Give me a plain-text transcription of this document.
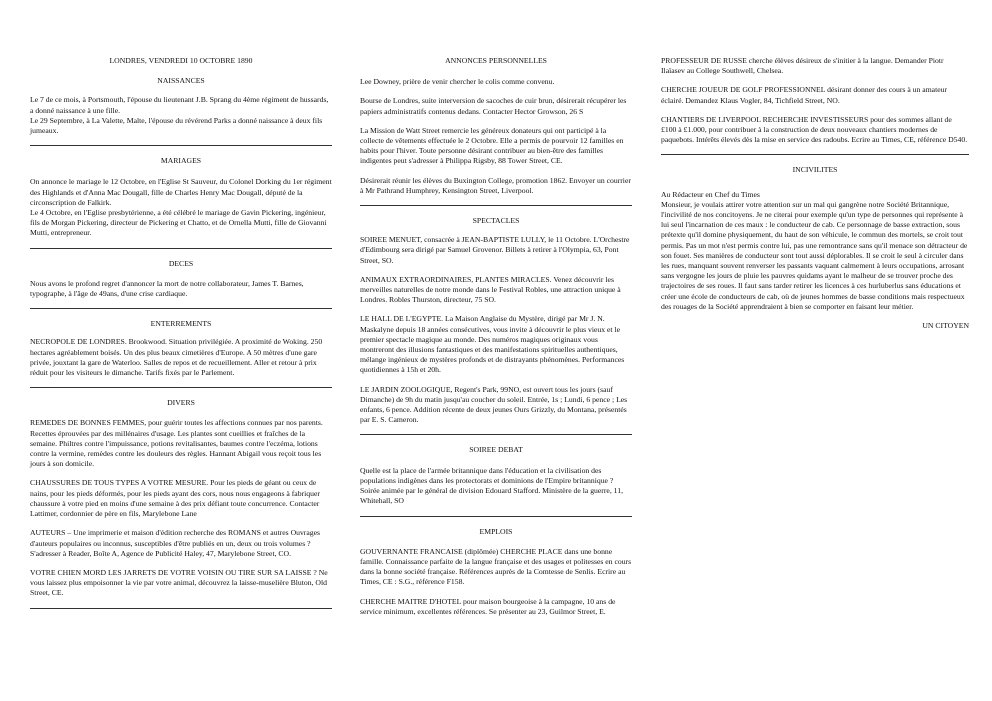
LONDRES, VENDREDI 10 OCTOBRE 1890

NAISSANCES

Le 7 de ce mois, à Portsmouth, l'épouse du lieutenant J.B. Sprang du 4ème régiment de hussards, a donné naissance à une fille.
Le 29 Septembre, à La Valette, Malte, l'épouse du révérend Parks a donné naissance à deux fils jumeaux.

MARIAGES

On annonce le mariage le 12 Octobre, en l'Eglise St Sauveur, du Colonel Dorking du 1er régiment des Highlands et d'Anna Mac Dougall, fille de Charles Henry Mac Dougall, député de la circonscription de Falkirk.
Le 4 Octobre, en l'Eglise presbytérienne, a été célébré le mariage de Gavin Pickering, ingénieur, fils de Morgan Pickering, directeur de Pickering et Chatto, et de Ornella Mutti, fille de Giovanni Mutti, entrepreneur.

DECES

Nous avons le profond regret d'annoncer la mort de notre collaborateur, James T. Barnes, typographe, à l'âge de 49ans, d'une crise cardiaque.

ENTERREMENTS

NECROPOLE DE LONDRES. Brookwood. Situation privilégiée. A proximité de Woking. 250 hectares agréablement boisés. Un des plus beaux cimetières d'Europe. A 50 mètres d'une gare privée, jouxtant la gare de Waterloo. Salles de repos et de recueillement. Aller et retour à prix réduit pour les visiteurs le dimanche. Tarifs fixés par le Parlement.

DIVERS

REMEDES DE BONNES FEMMES, pour guérir toutes les affections connues par nos parents. Recettes éprouvées par des millénaires d'usage. Les plantes sont cueillies et fraîches de la semaine. Philtres contre l'impuissance, potions revitalisantes, baumes contre l'eczéma, lotions contre la vermine, remèdes contre les douleurs des règles. Hannant Abigail vous reçoit tous les jours à son domicile.

CHAUSSURES DE TOUS TYPES A VOTRE MESURE. Pour les pieds de géant ou ceux de nains, pour les pieds déformés, pour les pieds ayant des cors, nous nous engageons à fabriquer chaussure à votre pied en moins d'une semaine à des prix défiant toute concurrence. Contacter Lattimer, cordonnier de père en fils, Marylebone Lane

AUTEURS – Une imprimerie et maison d'édition recherche des ROMANS et autres Ouvrages d'auteurs populaires ou inconnus, susceptibles d'être publiés en un, deux ou trois volumes ? S'adresser à Reader, Boîte A, Agence de Publicité Haley, 47, Marylebone Street, CO.

VOTRE CHIEN MORD LES JARRETS DE VOTRE VOISIN OU TIRE SUR SA LAISSE ? Ne vous laissez plus empoisonner la vie par votre animal, découvrez la laisse-muselière Bluton, Old Street, CE.

ANNONCES PERSONNELLES

Lee Downey, prière de venir chercher le colis comme convenu.

Bourse de Londres, suite interversion de sacoches de cuir brun, désirerait récupérer les papiers administratifs contenus dedans. Contacter Hector Growson, 26 S

La Mission de Watt Street remercie les généreux donateurs qui ont participé à la collecte de vêtements effectuée le 2 Octobre. Elle a permis de pourvoir 12 familles en habits pour l'hiver. Toute personne désirant contribuer au bien-être des familles indigentes peut s'adresser à Philippa Rigsby, 88 Tower Street, CE.

Désirerait réunir les élèves du Buxington College, promotion 1862. Envoyer un courrier à Mr Pathrand Humphrey, Kensington Street, Liverpool.

SPECTACLES

SOIREE MENUET, consacrée à JEAN-BAPTISTE LULLY, le 11 Octobre. L'Orchestre d'Edimbourg sera dirigé par Samuel Grovenor. Billets à retirer à l'Olympia, 63, Pont Street, SO.

ANIMAUX EXTRAORDINAIRES, PLANTES MIRACLES. Venez découvrir les merveilles naturelles de notre monde dans le Festival Robles, une attraction unique à Londres. Robles Thurston, directeur, 75 SO.

LE HALL DE L'EGYPTE. La Maison Anglaise du Mystère, dirigé par Mr J. N. Maskalyne depuis 18 années consécutives, vous invite à découvrir le plus vieux et le premier spectacle magique au monde. Des numéros magiques originaux vous montreront des illusions fantastiques et des manifestations spirituelles authentiques, mélange ingénieux de mystères profonds et de distrayants phénomènes. Performances quotidiennes à 15h et 20h.

LE JARDIN ZOOLOGIQUE, Regent's Park, 99NO, est ouvert tous les jours (sauf Dimanche) de 9h du matin jusqu'au coucher du soleil. Entrée, 1s ; Lundi, 6 pence ; Les enfants, 6 pence. Addition récente de deux jeunes Ours Grizzly, du Montana, présentés par E. S. Cameron.

SOIREE DEBAT

Quelle est la place de l'armée britannique dans l'éducation et la civilisation des populations indigènes dans les protectorats et dominions de l'Empire britannique ? Soirée animée par le général de division Edouard Stafford. Ministère de la guerre, 11, Whitehall, SO

EMPLOIS

GOUVERNANTE FRANCAISE (diplômée) CHERCHE PLACE dans une bonne famille. Connaissance parfaite de la langue française et des usages et politesses en cours dans la bonne société française. Références auprès de la Comtesse de Senlis. Ecrire au Times, CE : S.G., référence F158.

CHERCHE MAITRE D'HOTEL pour maison bourgeoise à la campagne, 10 ans de service minimum, excellentes références. Se présenter au 23, Guilmor Street, E.

PROFESSEUR DE RUSSE cherche élèves désireux de s'initier à la langue. Demander Piotr Ilaïasev au College Southwell, Chelsea.

CHERCHE JOUEUR DE GOLF PROFESSIONNEL désirant donner des cours à un amateur éclairé. Demandez Klaus Vogler, 84, Tichfield Street, NO.

CHANTIERS DE LIVERPOOL RECHERCHE INVESTISSEURS pour des sommes allant de £100 à £1.000, pour contribuer à la construction de deux nouveaux chantiers modernes de paquebots. Intérêts élevés dès la mise en service des radoubs. Ecrire au Times, CE, référence D540.

INCIVILITES

Au Rédacteur en Chef du Times
Monsieur, je voulais attirer votre attention sur un mal qui gangrène notre Société Britannique, l'incivilité de nos concitoyens. Je ne citerai pour exemple qu'un type de personnes qui représente à lui seul l'incarnation de ces maux : le conducteur de cab. Ce personnage de basse extraction, sous prétexte qu'il domine physiquement, du haut de son véhicule, le commun des mortels, se croit tout permis. Pas un mot n'est permis contre lui, pas une remontrance sans qu'il menace son détracteur de son fouet. Ses manières de conducteur sont tout aussi déplorables. Il se croit le seul à circuler dans les rues, manquant souvent renverser les passants vaquant calmement à leurs occupations, arrosant sans vergogne les jours de pluie les pauvres quidams ayant le malheur de se trouver proche des trajectoires de ses roues. Il faut sans tarder retirer les licences à ces hurluberlus sans éducations et créer une école de conducteurs de cab, où de jeunes hommes de basse conditions mais respectueux des rouages de la Société apprendraient à bien se comporter en faisant leur métier.

UN CITOYEN
